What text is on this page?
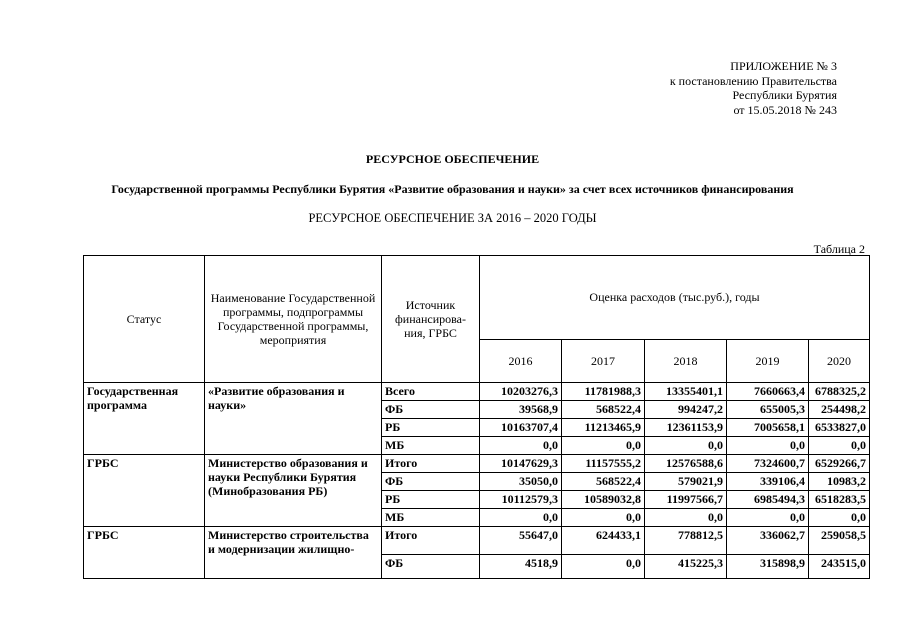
ПРИЛОЖЕНИЕ № 3
к постановлению Правительства
Республики Бурятия
от 15.05.2018 № 243
РЕСУРСНОЕ ОБЕСПЕЧЕНИЕ
Государственной программы Республики Бурятия «Развитие образования и науки» за счет всех источников финансирования
РЕСУРСНОЕ ОБЕСПЕЧЕНИЕ ЗА 2016 – 2020 ГОДЫ
Таблица 2
Статус	Наименование Государственной программы, подпрограммы Государственной программы, мероприятия	Источник финансирова-ния, ГРБС	Оценка расходов (тыс.руб.), годы				
			2016	2017	2018	2019	2020
Государственная программа	«Развитие образования и науки»	Всего	10203276,3	11781988,3	13355401,1	7660663,4	6788325,2
		ФБ	39568,9	568522,4	994247,2	655005,3	254498,2
		РБ	10163707,4	11213465,9	12361153,9	7005658,1	6533827,0
		МБ	0,0	0,0	0,0	0,0	0,0
ГРБС	Министерство образования и науки Республики Бурятия (Минобразования РБ)	Итого	10147629,3	11157555,2	12576588,6	7324600,7	6529266,7
		ФБ	35050,0	568522,4	579021,9	339106,4	10983,2
		РБ	10112579,3	10589032,8	11997566,7	6985494,3	6518283,5
		МБ	0,0	0,0	0,0	0,0	0,0
ГРБС	Министерство строительства и модернизации жилищно-	Итого	55647,0	624433,1	778812,5	336062,7	259058,5
		ФБ	4518,9	0,0	415225,3	315898,9	243515,0
